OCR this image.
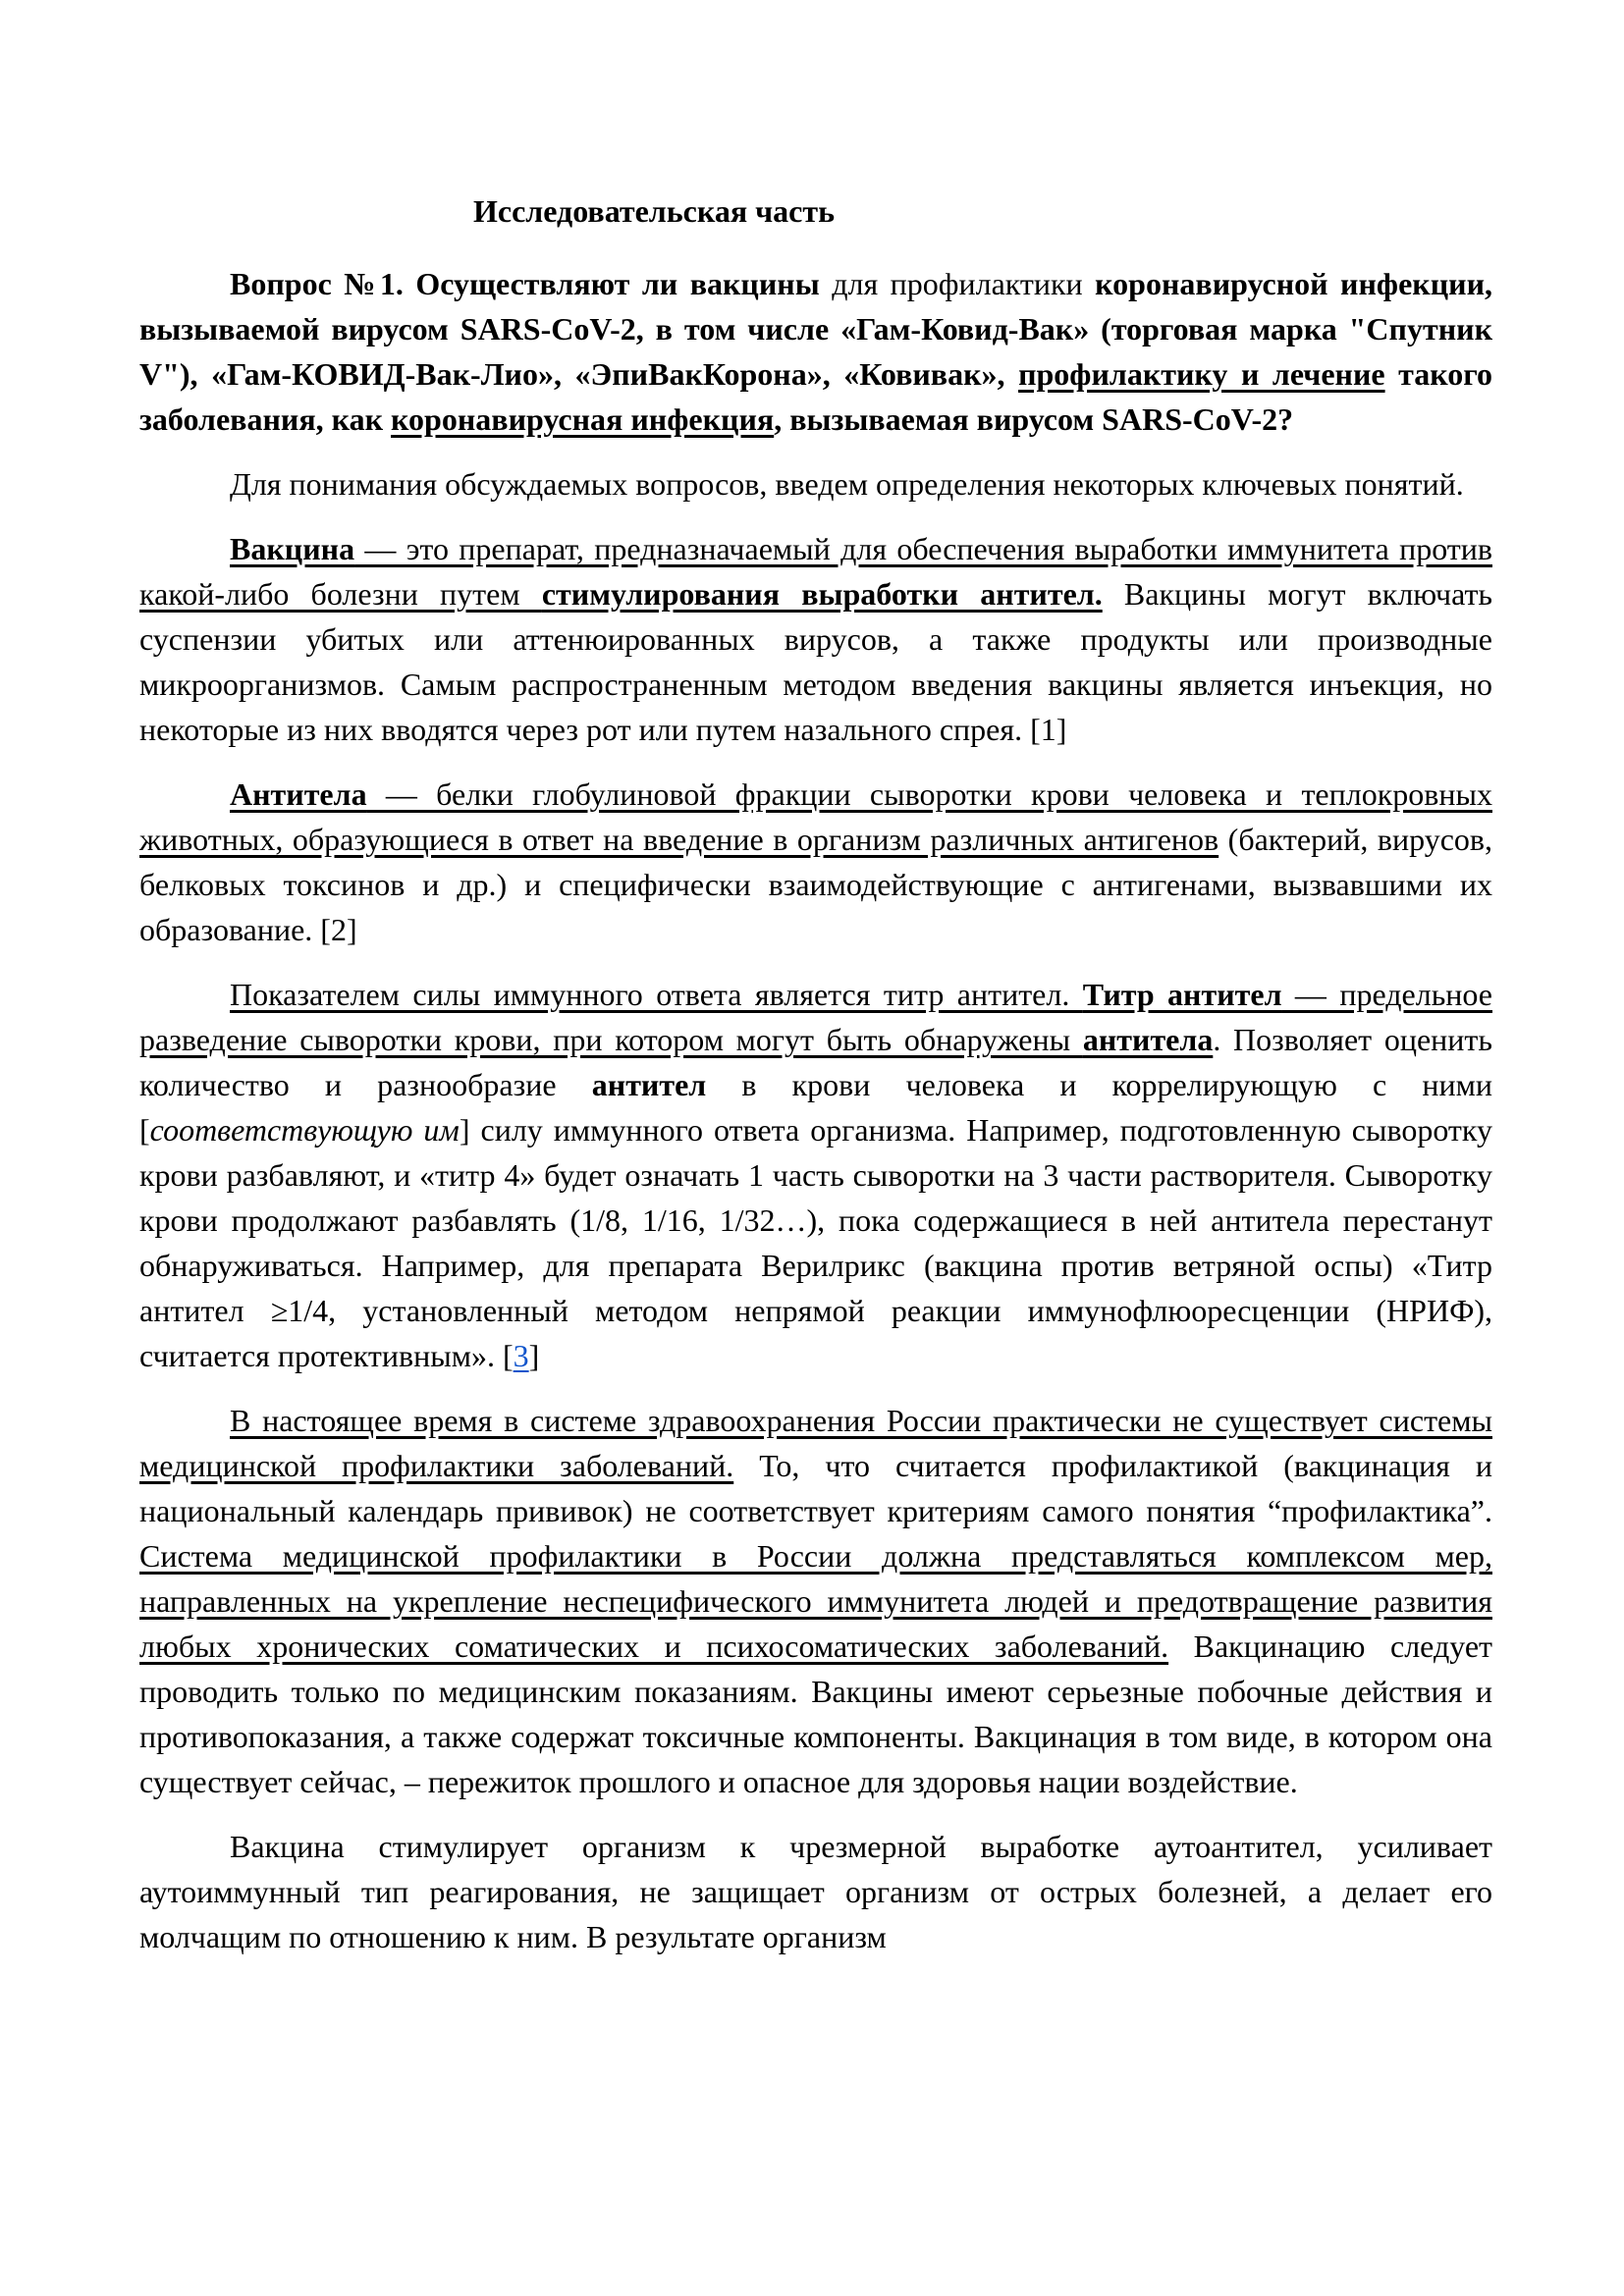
Исследовательская часть

Вопрос №1. Осуществляют ли вакцины для профилактики коронавирусной инфекции, вызываемой вирусом SARS-CoV-2, в том числе «Гам-Ковид-Вак» (торговая марка "Спутник V"), «Гам-КОВИД-Вак-Лио», «ЭпиВакКорона», «Ковивак», профилактику и лечение такого заболевания, как коронавирусная инфекция, вызываемая вирусом SARS-CoV-2?

Для понимания обсуждаемых вопросов, введем определения некоторых ключевых понятий.

Вакцина — это препарат, предназначаемый для обеспечения выработки иммунитета против какой-либо болезни путем стимулирования выработки антител. Вакцины могут включать суспензии убитых или аттенюированных вирусов, а также продукты или производные микроорганизмов. Самым распространенным методом введения вакцины является инъекция, но некоторые из них вводятся через рот или путем назального спрея. [1]

Антитела — белки глобулиновой фракции сыворотки крови человека и теплокровных животных, образующиеся в ответ на введение в организм различных антигенов (бактерий, вирусов, белковых токсинов и др.) и специфически взаимодействующие с антигенами, вызвавшими их образование. [2]

Показателем силы иммунного ответа является титр антител. Титр антител — предельное разведение сыворотки крови, при котором могут быть обнаружены антитела. Позволяет оценить количество и разнообразие антител в крови человека и коррелирующую с ними [соответствующую им] силу иммунного ответа организма. Например, подготовленную сыворотку крови разбавляют, и «титр 4» будет означать 1 часть сыворотки на 3 части растворителя. Сыворотку крови продолжают разбавлять (1/8, 1/16, 1/32…), пока содержащиеся в ней антитела перестанут обнаруживаться. Например, для препарата Верилрикс (вакцина против ветряной оспы) «Титр антител ≥1/4, установленный методом непрямой реакции иммунофлюоресценции (НРИФ), считается протективным». [3]

В настоящее время в системе здравоохранения России практически не существует системы медицинской профилактики заболеваний. То, что считается профилактикой (вакцинация и национальный календарь прививок) не соответствует критериям самого понятия “профилактика”. Система медицинской профилактики в России должна представляться комплексом мер, направленных на укрепление неспецифического иммунитета людей и предотвращение развития любых хронических соматических и психосоматических заболеваний. Вакцинацию следует проводить только по медицинским показаниям. Вакцины имеют серьезные побочные действия и противопоказания, а также содержат токсичные компоненты. Вакцинация в том виде, в котором она существует сейчас, – пережиток прошлого и опасное для здоровья нации воздействие.

Вакцина стимулирует организм к чрезмерной выработке аутоантител, усиливает аутоиммунный тип реагирования, не защищает организм от острых болезней, а делает его молчащим по отношению к ним. В результате организм
